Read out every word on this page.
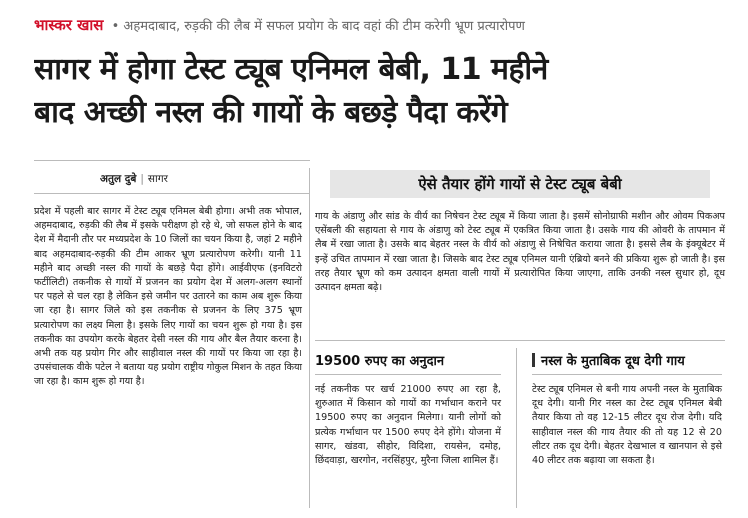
भास्कर खास • अहमदाबाद, रुड़की की लैब में सफल प्रयोग के बाद वहां की टीम करेगी भ्रूण प्रत्यारोपण
सागर में होगा टेस्ट ट्यूब एनिमल बेबी, 11 महीने
बाद अच्छी नस्ल की गायों के बछड़े पैदा करेंगे
अतुल दुबे | सागर

प्रदेश में पहली बार सागर में टेस्ट ट्यूब एनिमल बेबी होगा। अभी तक भोपाल, अहमदाबाद, रुड़की की लैब में इसके परीक्षण हो रहे थे, जो सफल होने के बाद देश में मैदानी तौर पर मध्यप्रदेश के 10 जिलों का चयन किया है, जहां 2 महीने बाद अहमदाबाद-रुड़की की टीम आकर भ्रूण प्रत्यारोपण करेगी। यानी 11 महीने बाद अच्छी नस्ल की गायों के बछड़े पैदा होंगे। आईवीएफ (इनविटरो फर्टीलिटी) तकनीक से गायों में प्रजनन का प्रयोग देश में अलग-अलग स्थानों पर पहले से चल रहा है लेकिन इसे जमीन पर उतारने का काम अब शुरू किया जा रहा है। सागर जिले को इस तकनीक से प्रजनन के लिए 375 भ्रूण प्रत्यारोपण का लक्ष्य मिला है। इसके लिए गायों का चयन शुरू हो गया है। इस तकनीक का उपयोग करके बेहतर देसी नस्ल की गाय और बैल तैयार करना है। अभी तक यह प्रयोग गिर और साहीवाल नस्ल की गायों पर किया जा रहा है। उपसंचालक वीके पटेल ने बताया यह प्रयोग राष्ट्रीय गोकुल मिशन के तहत किया जा रहा है। काम शुरू हो गया है।

ऐसे तैयार होंगे गायों से टेस्ट ट्यूब बेबी

गाय के अंडाणु और सांड के वीर्य का निषेचन टेस्ट ट्यूब में किया जाता है। इसमें सोनोग्राफी मशीन और ओवम पिकअप एसेंबली की सहायता से गाय के अंडाणु को टेस्ट ट्यूब में एकत्रित किया जाता है। उसके गाय की ओवरी के तापमान में लैब में रखा जाता है। उसके बाद बेहतर नस्ल के वीर्य को अंडाणु से निषेचित कराया जाता है। इससे लैब के इंक्यूबेटर में इन्हें उचित तापमान में रखा जाता है। जिसके बाद टेस्ट ट्यूब एनिमल यानी एंब्रियो बनने की प्रकिया शुरू हो जाती है। इस तरह तैयार भ्रूण को कम उत्पादन क्षमता वाली गायों में प्रत्यारोपित किया जाएगा, ताकि उनकी नस्ल सुधार हो, दूध उत्पादन क्षमता बढ़े।

19500 रुपए का अनुदान

नई तकनीक पर खर्च 21000 रुपए आ रहा है, शुरुआत में किसान को गायों का गर्भाधान कराने पर 19500 रुपए का अनुदान मिलेगा। यानी लोगों को प्रत्येक गर्भाधान पर 1500 रुपए देने होंगे। योजना में सागर, खंडवा, सीहोर, विदिशा, रायसेन, दमोह, छिंदवाड़ा, खरगोन, नरसिंहपुर, मुरैना जिला शामिल हैं।

नस्ल के मुताबिक दूध देगी गाय

टेस्ट ट्यूब एनिमल से बनी गाय अपनी नस्ल के मुताबिक दूध देगी। यानी गिर नस्ल का टेस्ट ट्यूब एनिमल बेबी तैयार किया तो वह 12-15 लीटर दूध रोज देगी। यदि साहीवाल नस्ल की गाय तैयार की तो यह 12 से 20 लीटर तक दूध देगी। बेहतर देखभाल व खानपान से इसे 40 लीटर तक बढ़ाया जा सकता है।
